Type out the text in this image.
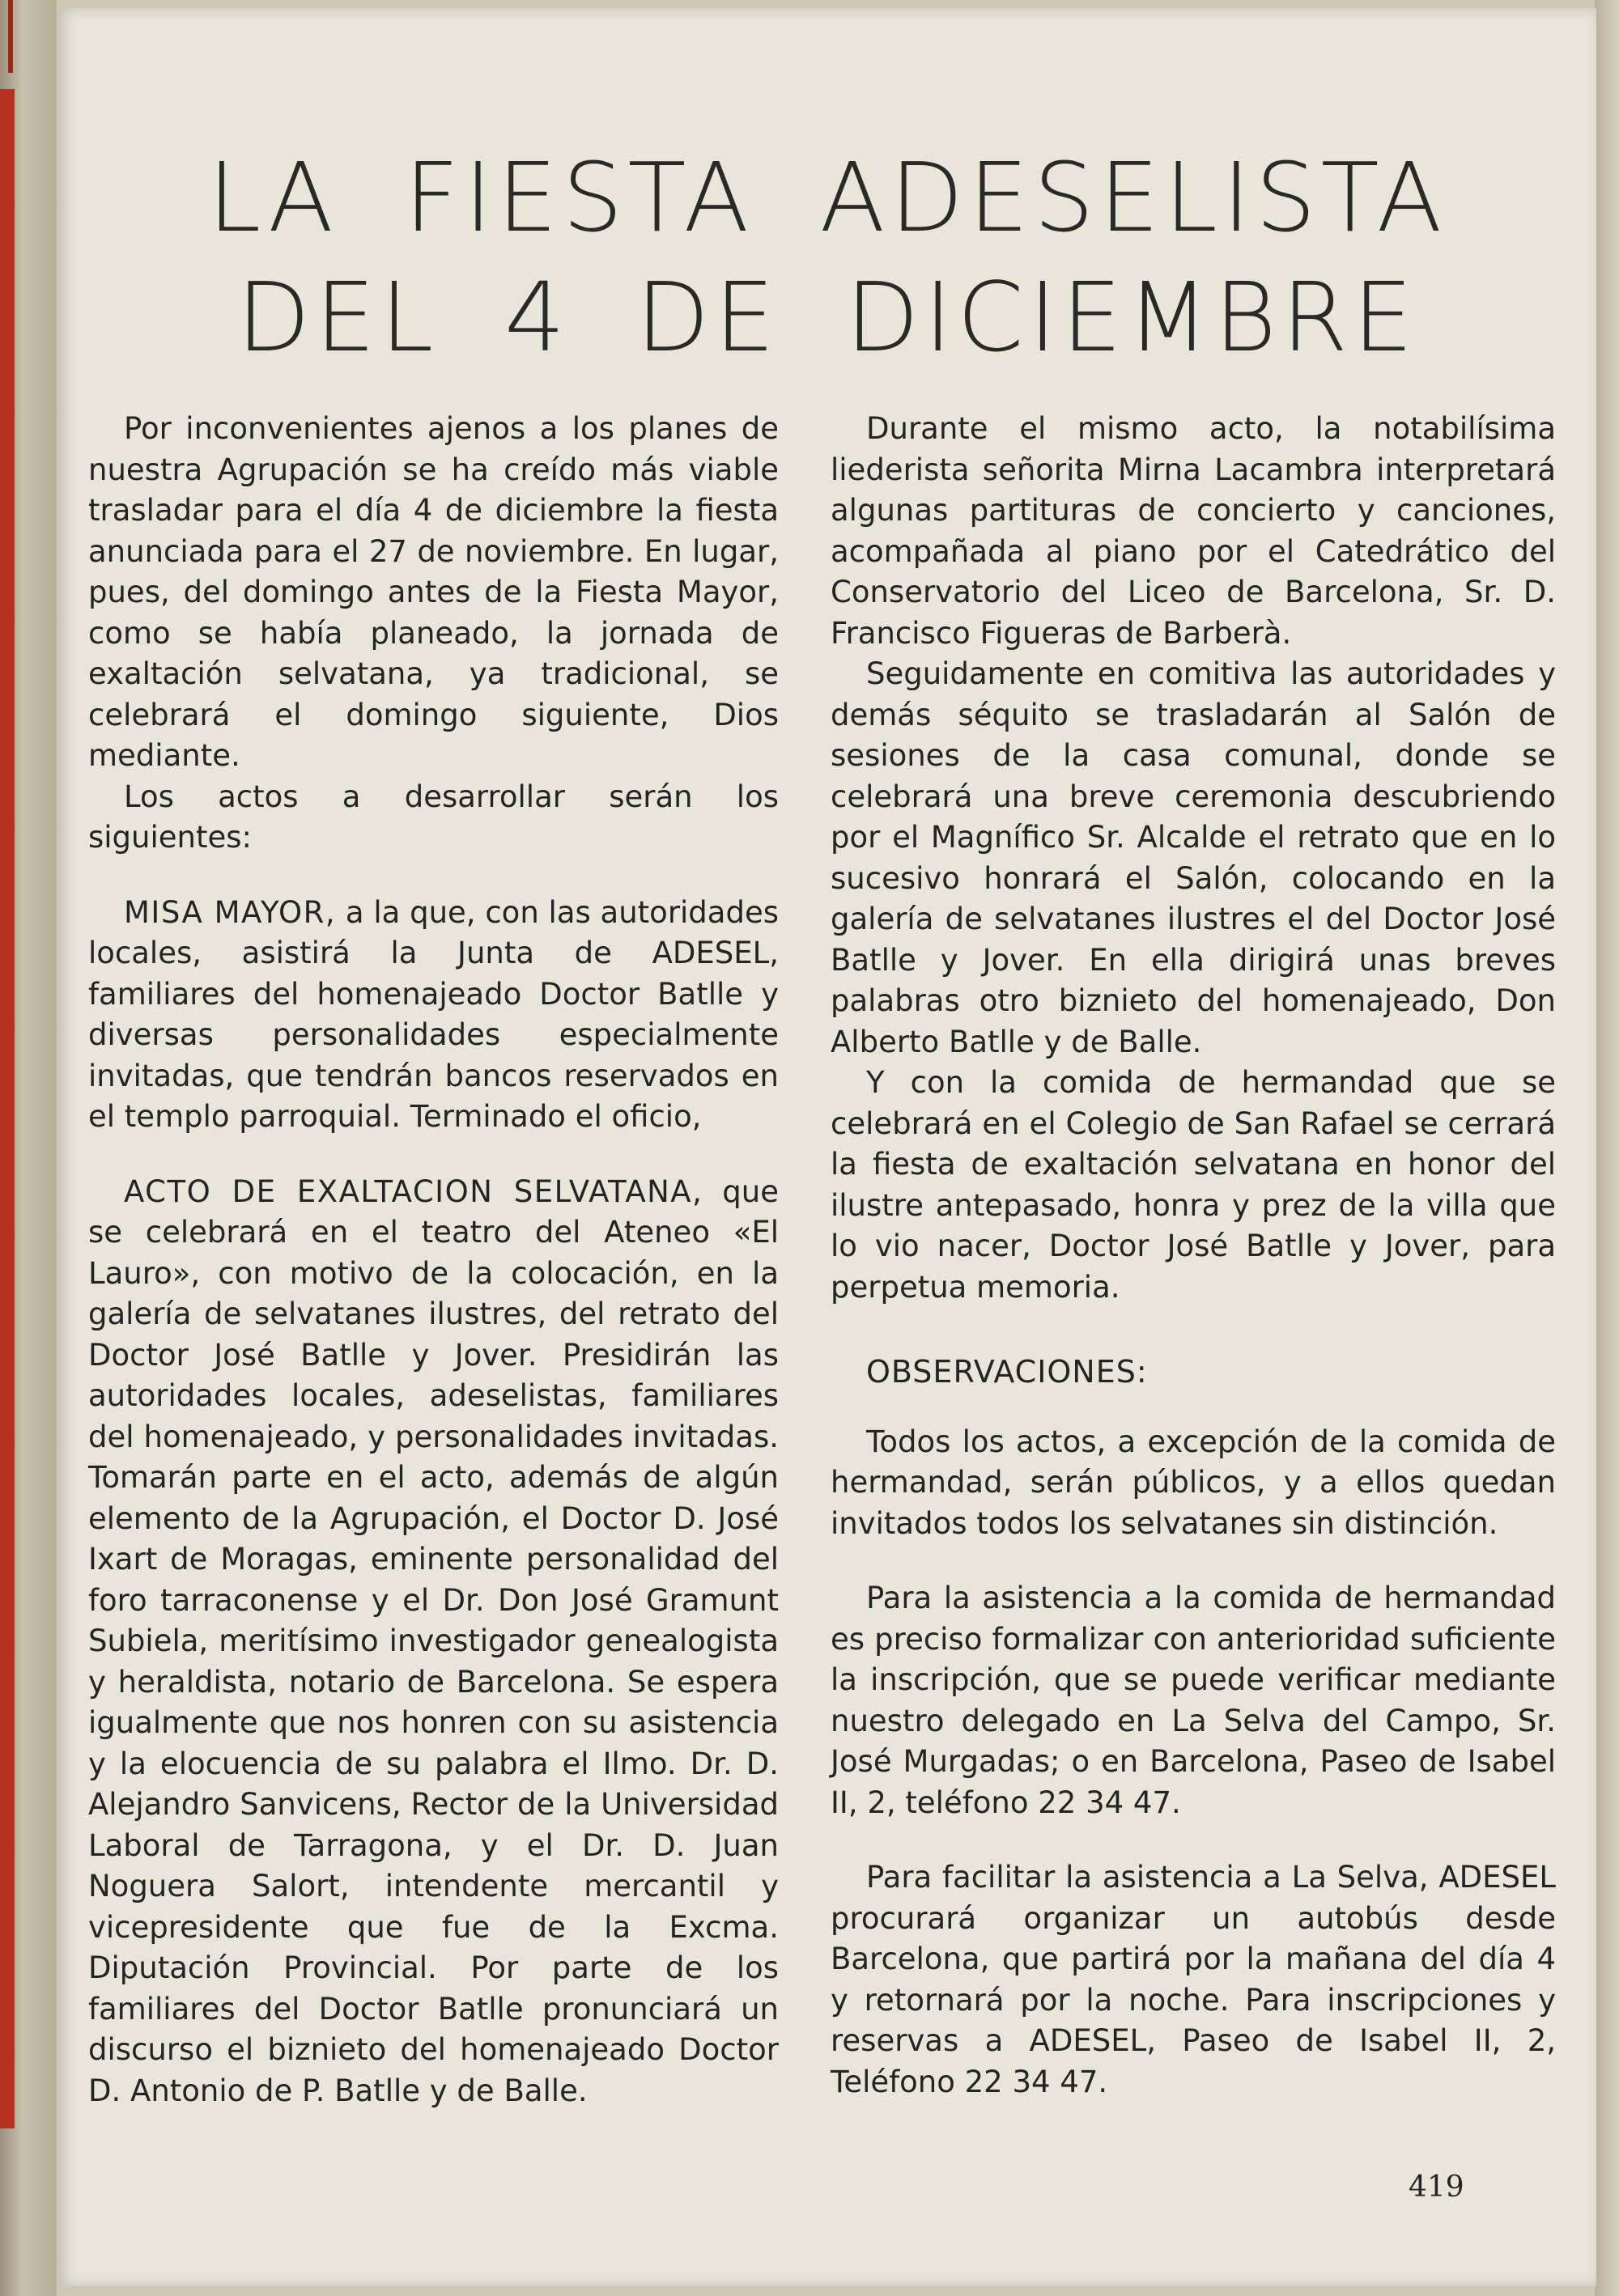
LA FIESTA ADESELISTA
DEL 4 DE DICIEMBRE

Por inconvenientes ajenos a los planes de nuestra Agrupación se ha creído más viable trasladar para el día 4 de diciembre la fiesta anunciada para el 27 de noviembre. En lugar, pues, del domingo antes de la Fiesta Mayor, como se había planeado, la jornada de exaltación selvatana, ya tradicional, se celebrará el domingo siguiente, Dios mediante.

Los actos a desarrollar serán los siguientes:

MISA MAYOR, a la que, con las autoridades locales, asistirá la Junta de ADESEL, familiares del homenajeado Doctor Batlle y diversas personalidades especialmente invitadas, que tendrán bancos reservados en el templo parroquial. Terminado el oficio,

ACTO DE EXALTACION SELVATANA, que se celebrará en el teatro del Ateneo «El Lauro», con motivo de la colocación, en la galería de selvatanes ilustres, del retrato del Doctor José Batlle y Jover. Presidirán las autoridades locales, adeselistas, familiares del homenajeado, y personalidades invitadas. Tomarán parte en el acto, además de algún elemento de la Agrupación, el Doctor D. José Ixart de Moragas, eminente personalidad del foro tarraconense y el Dr. Don José Gramunt Subiela, meritísimo investigador genealogista y heraldista, notario de Barcelona. Se espera igualmente que nos honren con su asistencia y la elocuencia de su palabra el Ilmo. Dr. D. Alejandro Sanvicens, Rector de la Universidad Laboral de Tarragona, y el Dr. D. Juan Noguera Salort, intendente mercantil y vicepresidente que fue de la Excma. Diputación Provincial. Por parte de los familiares del Doctor Batlle pronunciará un discurso el biznieto del homenajeado Doctor D. Antonio de P. Batlle y de Balle.

Durante el mismo acto, la notabilísima liederista señorita Mirna Lacambra interpretará algunas partituras de concierto y canciones, acompañada al piano por el Catedrático del Conservatorio del Liceo de Barcelona, Sr. D. Francisco Figueras de Barberà.

Seguidamente en comitiva las autoridades y demás séquito se trasladarán al Salón de sesiones de la casa comunal, donde se celebrará una breve ceremonia descubriendo por el Magnífico Sr. Alcalde el retrato que en lo sucesivo honrará el Salón, colocando en la galería de selvatanes ilustres el del Doctor José Batlle y Jover. En ella dirigirá unas breves palabras otro biznieto del homenajeado, Don Alberto Batlle y de Balle.

Y con la comida de hermandad que se celebrará en el Colegio de San Rafael se cerrará la fiesta de exaltación selvatana en honor del ilustre antepasado, honra y prez de la villa que lo vio nacer, Doctor José Batlle y Jover, para perpetua memoria.

OBSERVACIONES:

Todos los actos, a excepción de la comida de hermandad, serán públicos, y a ellos quedan invitados todos los selvatanes sin distinción.

Para la asistencia a la comida de hermandad es preciso formalizar con anterioridad suficiente la inscripción, que se puede verificar mediante nuestro delegado en La Selva del Campo, Sr. José Murgadas; o en Barcelona, Paseo de Isabel II, 2, teléfono 22 34 47.

Para facilitar la asistencia a La Selva, ADESEL procurará organizar un autobús desde Barcelona, que partirá por la mañana del día 4 y retornará por la noche. Para inscripciones y reservas a ADESEL, Paseo de Isabel II, 2, Teléfono 22 34 47.

419
